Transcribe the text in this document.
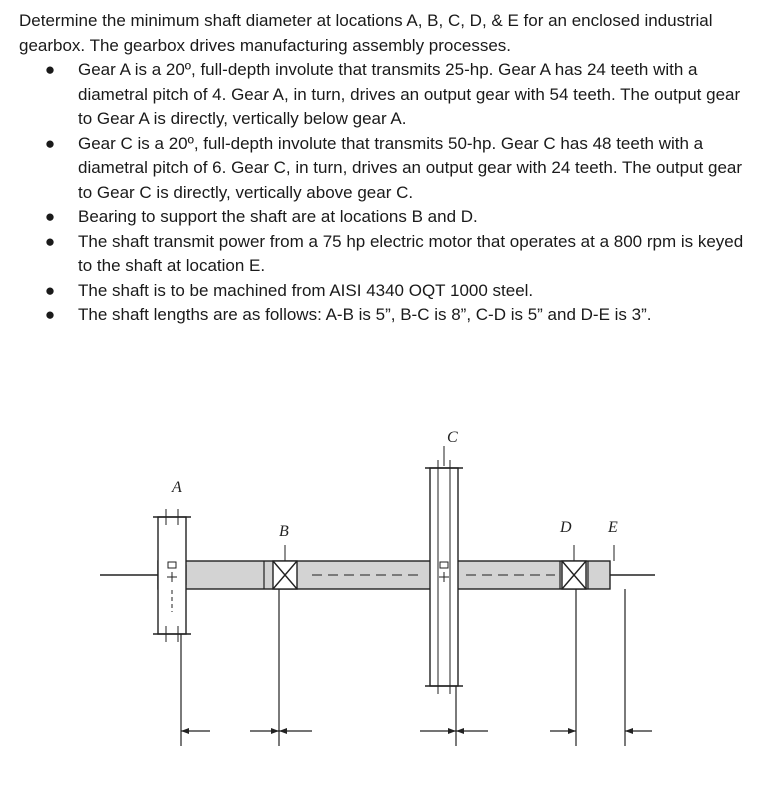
Determine the minimum shaft diameter at locations A, B, C, D, & E for an enclosed industrial gearbox. The gearbox drives manufacturing assembly processes.

● Gear A is a 20º, full-depth involute that transmits 25-hp. Gear A has 24 teeth with a diametral pitch of 4. Gear A, in turn, drives an output gear with 54 teeth. The output gear to Gear A is directly, vertically below gear A.
● Gear C is a 20º, full-depth involute that transmits 50-hp. Gear C has 48 teeth with a diametral pitch of 6. Gear C, in turn, drives an output gear with 24 teeth. The output gear to Gear C is directly, vertically above gear C.
● Bearing to support the shaft are at locations B and D.
● The shaft transmit power from a 75 hp electric motor that operates at a 800 rpm is keyed to the shaft at location E.
● The shaft is to be machined from AISI 4340 OQT 1000 steel.
● The shaft lengths are as follows: A-B is 5”, B-C is 8”, C-D is 5” and D-E is 3”.
A
B
C
D E
